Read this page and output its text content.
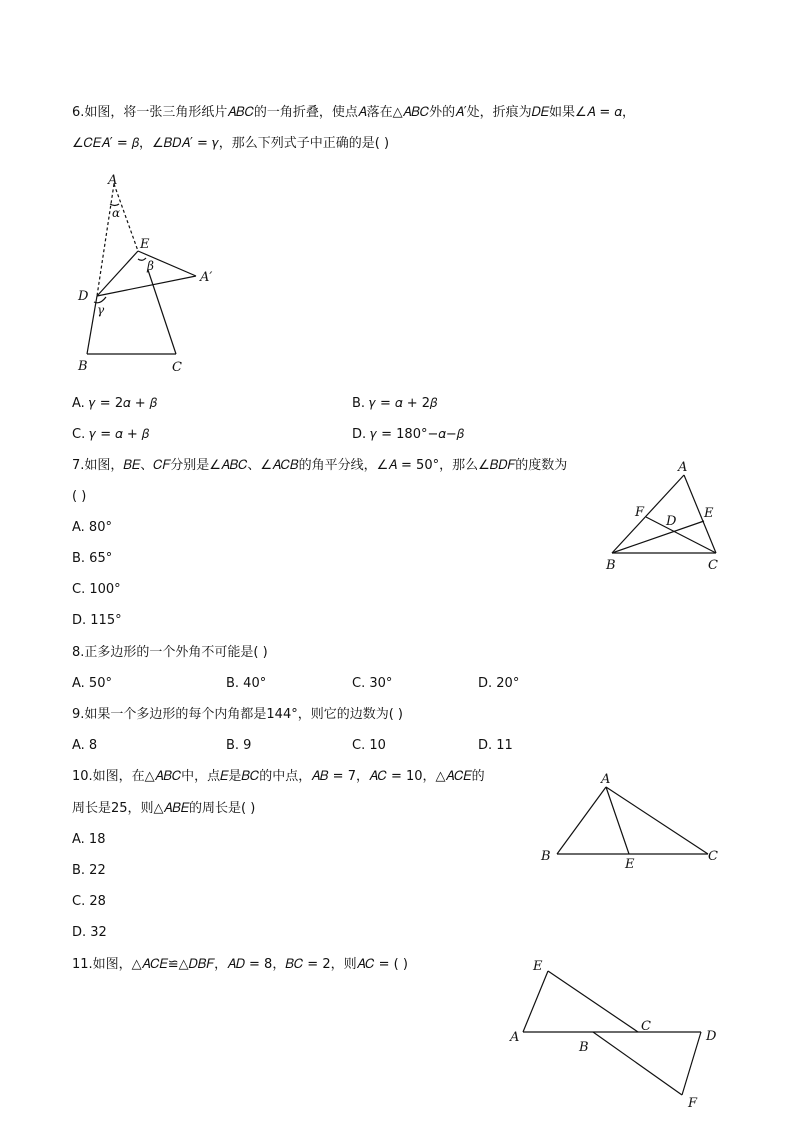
6.如图，将一张三角形纸片𝐴𝐵𝐶的一角折叠，使点𝐴落在△𝐴𝐵𝐶外的𝐴′处，折痕为𝐷𝐸如果∠𝐴 = 𝛼，
∠𝐶𝐸𝐴′ = 𝛽，∠𝐵𝐷𝐴′ = 𝛾，那么下列式子中正确的是( )
A
α
E
β
A′
D
γ
B	C
A. 𝛾 = 2𝛼 + 𝛽	B. 𝛾 = 𝛼 + 2𝛽
C. 𝛾 = 𝛼 + 𝛽	D. 𝛾 = 180°−𝛼−𝛽
7.如图，𝐵𝐸、𝐶𝐹分别是∠𝐴𝐵𝐶、∠𝐴𝐶𝐵的角平分线，∠𝐴 = 50°，那么∠𝐵𝐷𝐹的度数为
( )
A
F
D
E
B	C
A. 80°
B. 65°
C. 100°
D. 115°
8.正多边形的一个外角不可能是( )
A. 50°	B. 40°	C. 30°	D. 20°
9.如果一个多边形的每个内角都是144°，则它的边数为( )
A. 8	B. 9	C. 10	D. 11
10.如图，在△𝐴𝐵𝐶中，点𝐸是𝐵𝐶的中点，𝐴𝐵 = 7，𝐴𝐶 = 10，△𝐴𝐶𝐸的
周长是25，则△𝐴𝐵𝐸的周长是( )
A
B
E
C
A. 18
B. 22
C. 28
D. 32
11.如图，△𝐴𝐶𝐸≌△𝐷𝐵𝐹，𝐴𝐷 = 8，𝐵𝐶 = 2，则𝐴𝐶 = ( )	E
A
B
C
D
F
